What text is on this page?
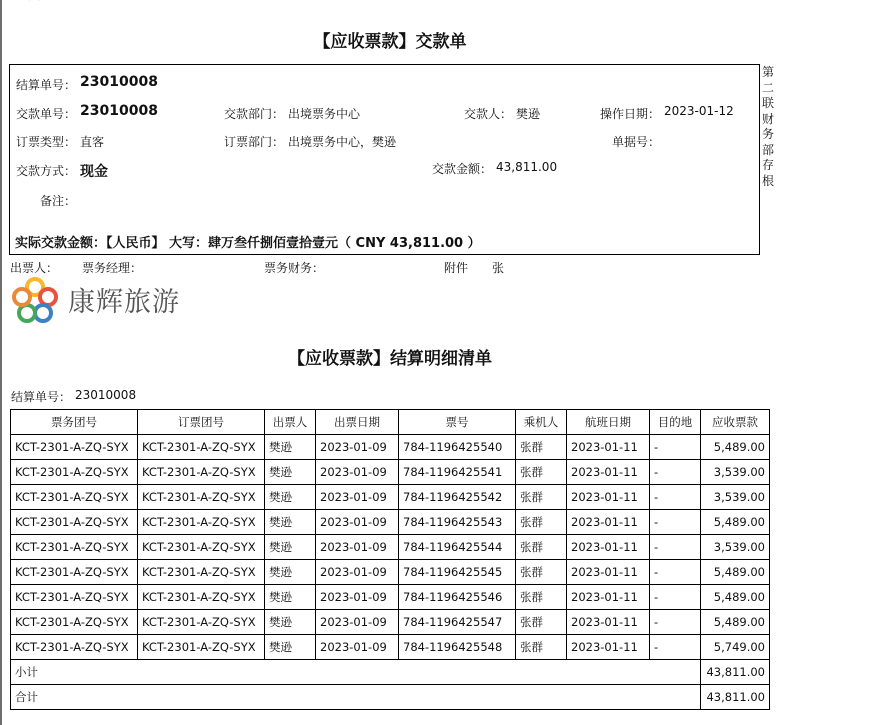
【应收票款】交款单
结算单号： 23010008
交款单号： 23010008	交款部门： 出境票务中心	交款人： 樊逊	操作日期： 2023-01-12
订票类型： 直客	订票部门： 出境票务中心，樊逊	单据号：
交款方式： 现金	交款金额： 43,811.00
备注：
实际交款金额：【人民币】 大写：肆万叁仟捌佰壹拾壹元（ CNY 43,811.00 ）
第二联财务部存根
出票人： 票务经理：	票务财务：	附件 张
康辉旅游
【应收票款】结算明细清单
结算单号： 23010008
票务团号	订票团号	出票人	出票日期	票号	乘机人	航班日期	目的地	应收票款
KCT-2301-A-ZQ-SYX	KCT-2301-A-ZQ-SYX	樊逊	2023-01-09	784-1196425540	张群	2023-01-11	-	5,489.00
KCT-2301-A-ZQ-SYX	KCT-2301-A-ZQ-SYX	樊逊	2023-01-09	784-1196425541	张群	2023-01-11	-	3,539.00
KCT-2301-A-ZQ-SYX	KCT-2301-A-ZQ-SYX	樊逊	2023-01-09	784-1196425542	张群	2023-01-11	-	3,539.00
KCT-2301-A-ZQ-SYX	KCT-2301-A-ZQ-SYX	樊逊	2023-01-09	784-1196425543	张群	2023-01-11	-	5,489.00
KCT-2301-A-ZQ-SYX	KCT-2301-A-ZQ-SYX	樊逊	2023-01-09	784-1196425544	张群	2023-01-11	-	3,539.00
KCT-2301-A-ZQ-SYX	KCT-2301-A-ZQ-SYX	樊逊	2023-01-09	784-1196425545	张群	2023-01-11	-	5,489.00
KCT-2301-A-ZQ-SYX	KCT-2301-A-ZQ-SYX	樊逊	2023-01-09	784-1196425546	张群	2023-01-11	-	5,489.00
KCT-2301-A-ZQ-SYX	KCT-2301-A-ZQ-SYX	樊逊	2023-01-09	784-1196425547	张群	2023-01-11	-	5,489.00
KCT-2301-A-ZQ-SYX	KCT-2301-A-ZQ-SYX	樊逊	2023-01-09	784-1196425548	张群	2023-01-11	-	5,749.00
小计								43,811.00
合计								43,811.00
